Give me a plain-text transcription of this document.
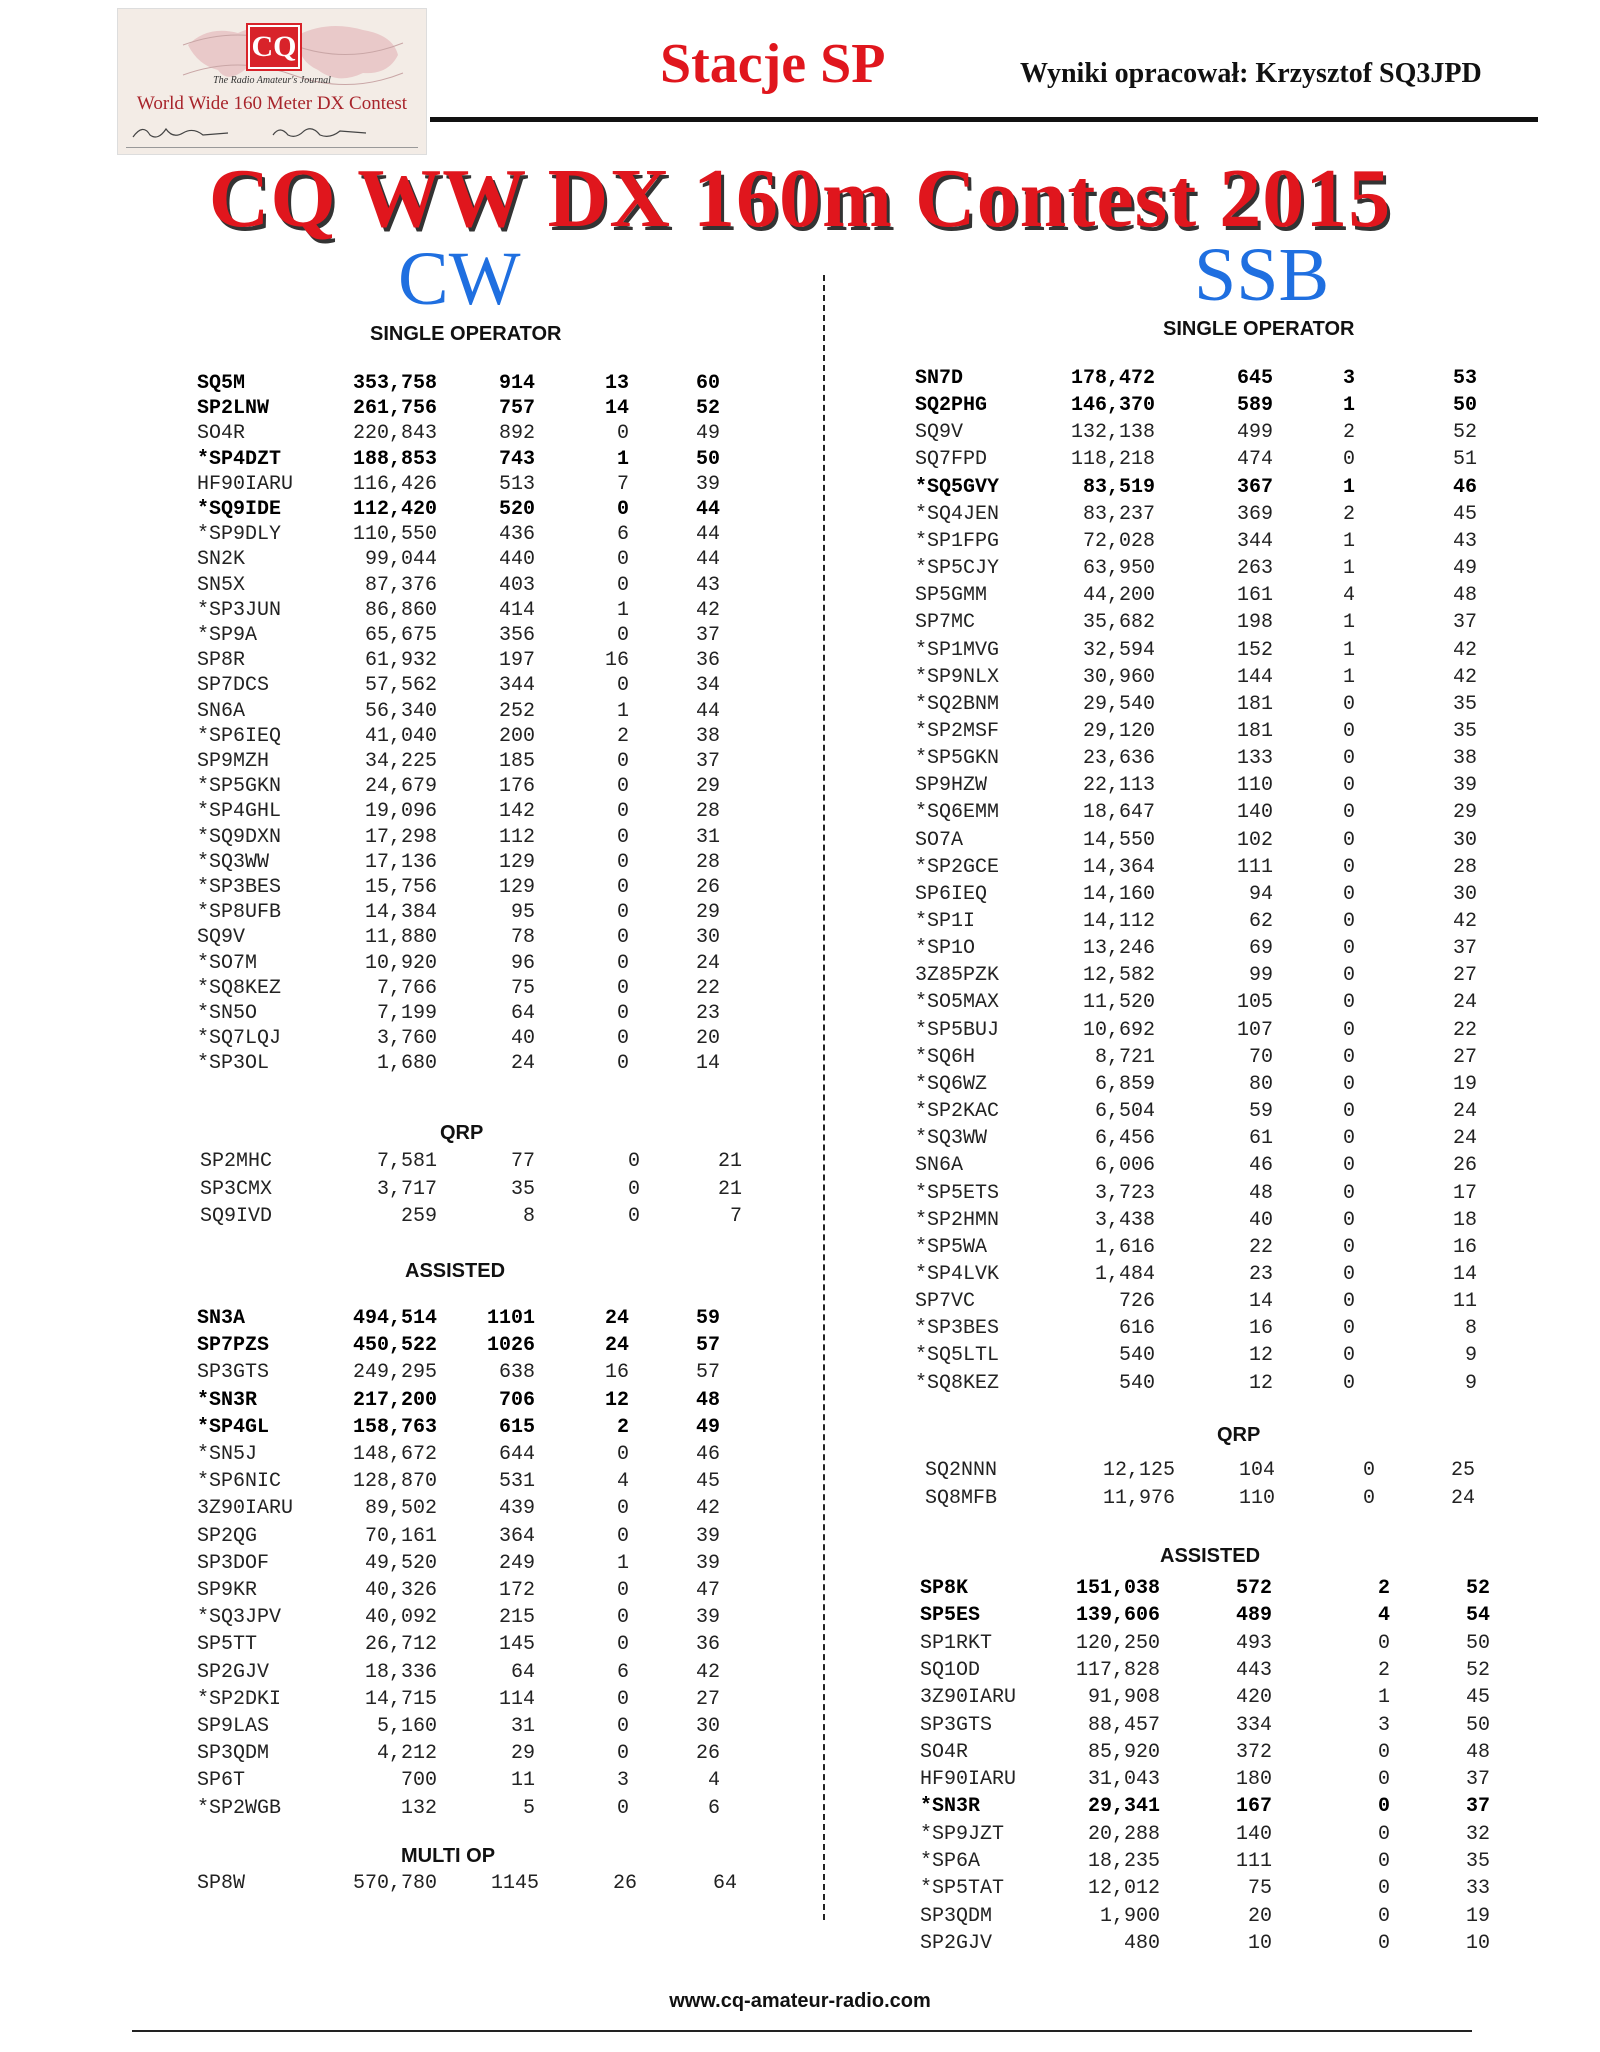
CQ
The Radio Amateur's Journal
World Wide 160 Meter DX Contest
Stacje SP	Wyniki opracował: Krzysztof SQ3JPD
CQ WW DX 160m Contest 2015
CW	SSB
SINGLE OPERATOR
SQ5M	353,758	914	13	60
SP2LNW	261,756	757	14	52
SO4R	220,843	892	0	49
*SP4DZT	188,853	743	1	50
HF90IARU	116,426	513	7	39
*SQ9IDE	112,420	520	0	44
*SP9DLY	110,550	436	6	44
SN2K	99,044	440	0	44
SN5X	87,376	403	0	43
*SP3JUN	86,860	414	1	42
*SP9A	65,675	356	0	37
SP8R	61,932	197	16	36
SP7DCS	57,562	344	0	34
SN6A	56,340	252	1	44
*SP6IEQ	41,040	200	2	38
SP9MZH	34,225	185	0	37
*SP5GKN	24,679	176	0	29
*SP4GHL	19,096	142	0	28
*SQ9DXN	17,298	112	0	31
*SQ3WW	17,136	129	0	28
*SP3BES	15,756	129	0	26
*SP8UFB	14,384	95	0	29
SQ9V	11,880	78	0	30
*SO7M	10,920	96	0	24
*SQ8KEZ	7,766	75	0	22
*SN5O	7,199	64	0	23
*SQ7LQJ	3,760	40	0	20
*SP3OL	1,680	24	0	14
QRP
SP2MHC	7,581	77	0	21
SP3CMX	3,717	35	0	21
SQ9IVD	259	8	0	7
ASSISTED
SN3A	494,514 1101	24	59
SP7PZS	450,522 1026	24	57
SP3GTS	249,295	638	16	57
*SN3R	217,200	706	12	48
*SP4GL	158,763	615	2	49
*SN5J	148,672	644	0	46
*SP6NIC	128,870	531	4	45
3Z90IARU	89,502	439	0	42
SP2QG	70,161	364	0	39
SP3DOF	49,520	249	1	39
SP9KR	40,326	172	0	47
*SQ3JPV	40,092	215	0	39
SP5TT	26,712	145	0	36
SP2GJV	18,336	64	6	42
*SP2DKI	14,715	114	0	27
SP9LAS	5,160	31	0	30
SP3QDM	4,212	29	0	26
SP6T	700	11	3	4
*SP2WGB	132	5	0	6
MULTI OP
SP8W	570,780	1145	26	64
SINGLE OPERATOR
SN7D	178,472	645	3	53
SQ2PHG	146,370	589	1	50
SQ9V	132,138	499	2	52
SQ7FPD	118,218	474	0	51
*SQ5GVY	83,519	367	1	46
*SQ4JEN	83,237	369	2	45
*SP1FPG	72,028	344	1	43
*SP5CJY	63,950	263	1	49
SP5GMM	44,200	161	4	48
SP7MC	35,682	198	1	37
*SP1MVG	32,594	152	1	42
*SP9NLX	30,960	144	1	42
*SQ2BNM	29,540	181	0	35
*SP2MSF	29,120	181	0	35
*SP5GKN	23,636	133	0	38
SP9HZW	22,113	110	0	39
*SQ6EMM	18,647	140	0	29
SO7A	14,550	102	0	30
*SP2GCE	14,364	111	0	28
SP6IEQ	14,160	94	0	30
*SP1I	14,112	62	0	42
*SP1O	13,246	69	0	37
3Z85PZK	12,582	99	0	27
*SO5MAX	11,520	105	0	24
*SP5BUJ	10,692	107	0	22
*SQ6H	8,721	70	0	27
*SQ6WZ	6,859	80	0	19
*SP2KAC	6,504	59	0	24
*SQ3WW	6,456	61	0	24
SN6A	6,006	46	0	26
*SP5ETS	3,723	48	0	17
*SP2HMN	3,438	40	0	18
*SP5WA	1,616	22	0	16
*SP4LVK	1,484	23	0	14
SP7VC	726	14	0	11
*SP3BES	616	16	0	8
*SQ5LTL	540	12	0	9
*SQ8KEZ	540	12	0	9
QRP
SQ2NNN	12,125	104	0	25
SQ8MFB	11,976	110	0	24
ASSISTED
SP8K	151,038	572	2	52
SP5ES	139,606	489	4	54
SP1RKT	120,250	493	0	50
SQ1OD	117,828	443	2	52
3Z90IARU	91,908	420	1	45
SP3GTS	88,457	334	3	50
SO4R	85,920	372	0	48
HF90IARU	31,043	180	0	37
*SN3R	29,341	167	0	37
*SP9JZT	20,288	140	0	32
*SP6A	18,235	111	0	35
*SP5TAT	12,012	75	0	33
SP3QDM	1,900	20	0	19
SP2GJV	480	10	0	10
www.cq-amateur-radio.com
